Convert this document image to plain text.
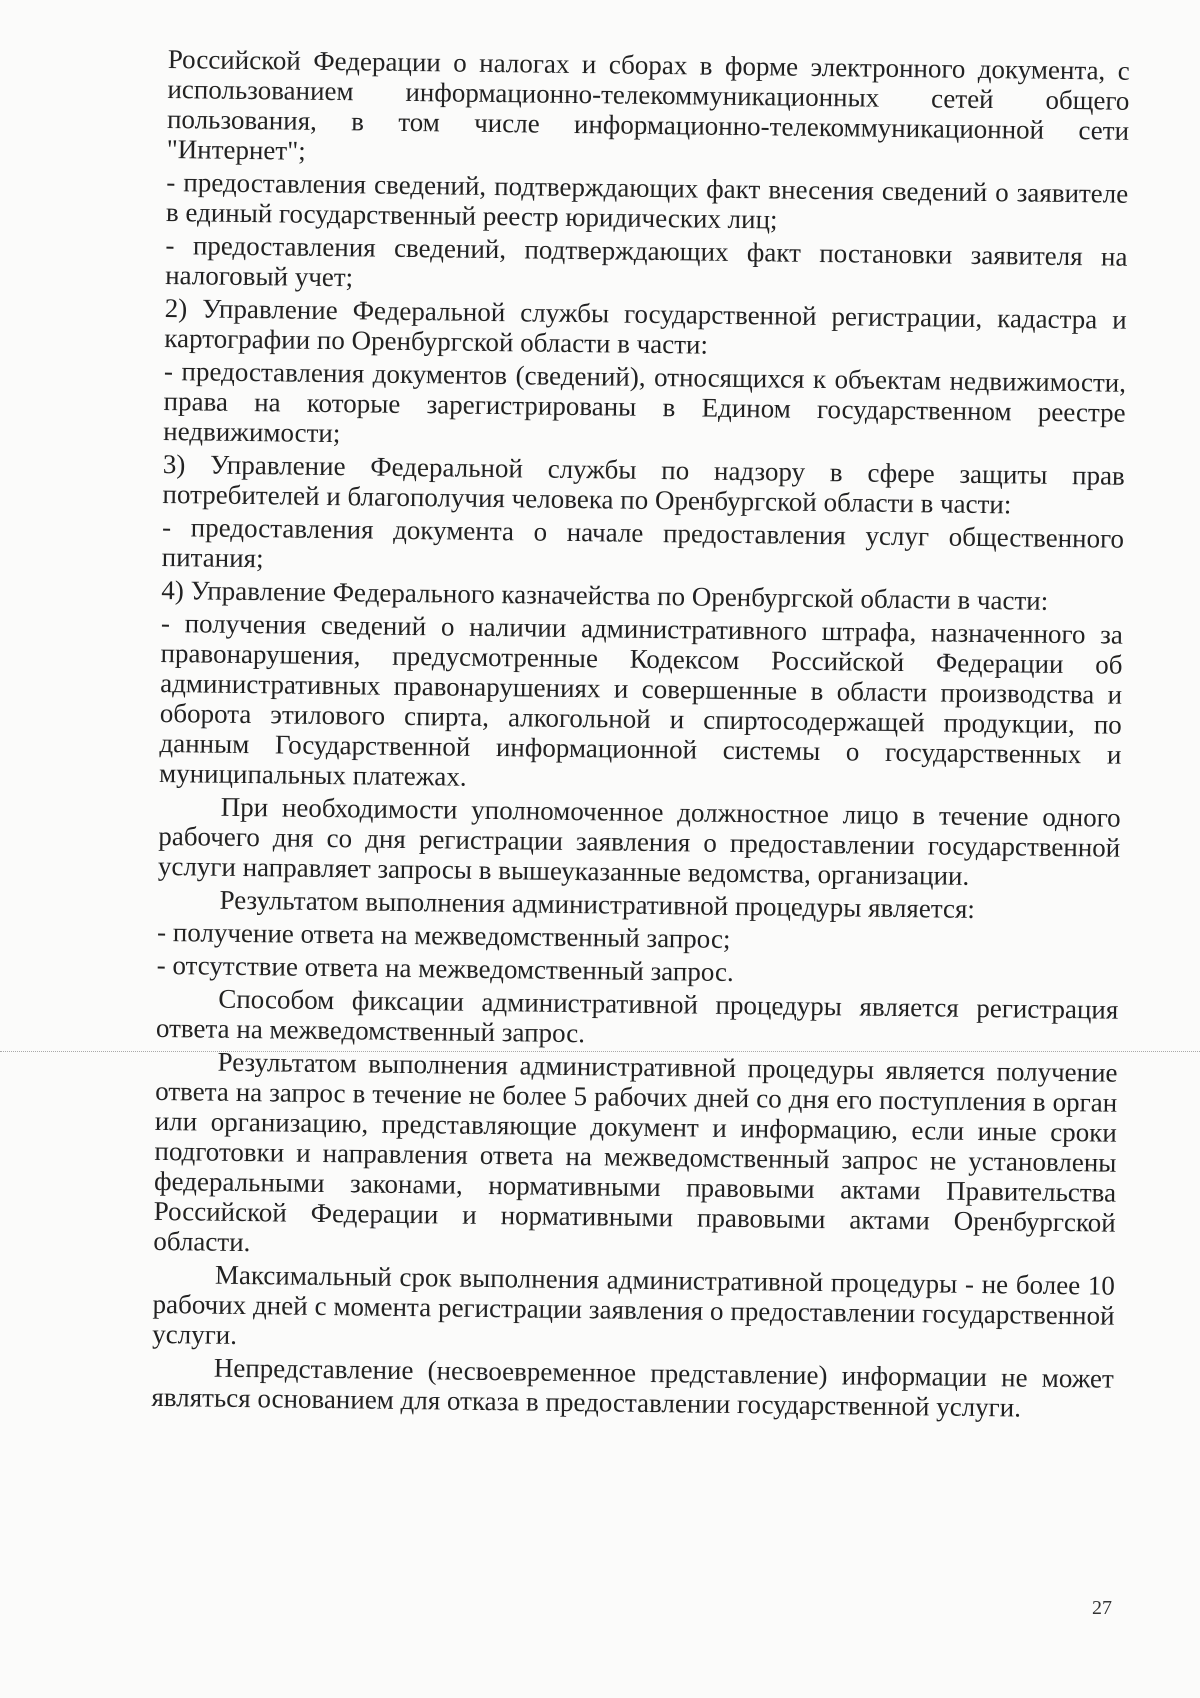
Российской Федерации о налогах и сборах в форме электронного документа, с использованием информационно-телекоммуникационных сетей общего пользования, в том числе информационно-телекоммуникационной сети "Интернет";

- предоставления сведений, подтверждающих факт внесения сведений о заявителе в единый государственный реестр юридических лиц;

- предоставления сведений, подтверждающих факт постановки заявителя на налоговый учет;

2) Управление Федеральной службы государственной регистрации, кадастра и картографии по Оренбургской области в части:

- предоставления документов (сведений), относящихся к объектам недвижимости, права на которые зарегистрированы в Едином государственном реестре недвижимости;

3) Управление Федеральной службы по надзору в сфере защиты прав потребителей и благополучия человека по Оренбургской области в части:

- предоставления документа о начале предоставления услуг общественного питания;

4) Управление Федерального казначейства по Оренбургской области в части:

- получения сведений о наличии административного штрафа, назначенного за правонарушения, предусмотренные Кодексом Российской Федерации об административных правонарушениях и совершенные в области производства и оборота этилового спирта, алкогольной и спиртосодержащей продукции, по данным Государственной информационной системы о государственных и муниципальных платежах.

При необходимости уполномоченное должностное лицо в течение одного рабочего дня со дня регистрации заявления о предоставлении государственной услуги направляет запросы в вышеуказанные ведомства, организации.

Результатом выполнения административной процедуры является:

- получение ответа на межведомственный запрос;

- отсутствие ответа на межведомственный запрос.

Способом фиксации административной процедуры является регистрация ответа на межведомственный запрос.

Результатом выполнения административной процедуры является получение ответа на запрос в течение не более 5 рабочих дней со дня его поступления в орган или организацию, представляющие документ и информацию, если иные сроки подготовки и направления ответа на межведомственный запрос не установлены федеральными законами, нормативными правовыми актами Правительства Российской Федерации и нормативными правовыми актами Оренбургской области.

Максимальный срок выполнения административной процедуры - не более 10 рабочих дней с момента регистрации заявления о предоставлении государственной услуги.

Непредставление (несвоевременное представление) информации не может являться основанием для отказа в предоставлении государственной услуги.

27
